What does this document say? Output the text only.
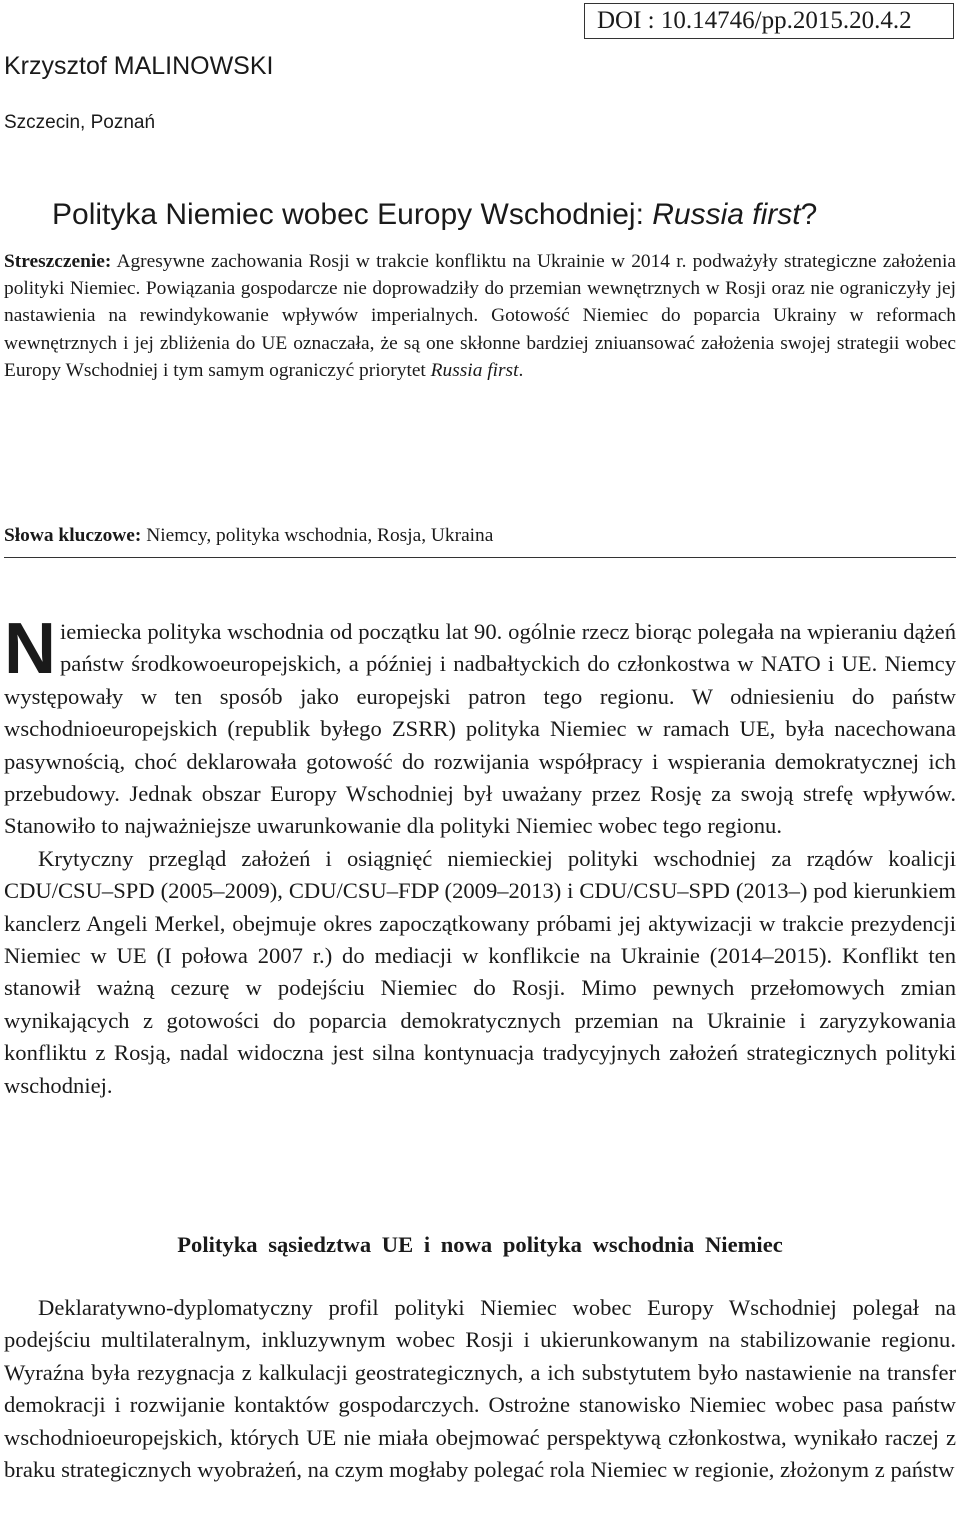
DOI : 10.14746/pp.2015.20.4.2
Krzysztof MALINOWSKI
Szczecin, Poznań
Polityka Niemiec wobec Europy Wschodniej: Russia first?

Streszczenie: Agresywne zachowania Rosji w trakcie konfliktu na Ukrainie w 2014 r. podważyły strategiczne założenia polityki Niemiec. Powiązania gospodarcze nie doprowadziły do przemian wewnętrznych w Rosji oraz nie ograniczyły jej nastawienia na rewindykowanie wpływów imperialnych. Gotowość Niemiec do poparcia Ukrainy w reformach wewnętrznych i jej zbliżenia do UE oznaczała, że są one skłonne bardziej zniuansować założenia swojej strategii wobec Europy Wschodniej i tym samym ograniczyć priorytet Russia first.

Słowa kluczowe: Niemcy, polityka wschodnia, Rosja, Ukraina

Niemiecka polityka wschodnia od początku lat 90. ogólnie rzecz biorąc polegała na wpieraniu dążeń państw środkowoeuropejskich, a później i nadbałtyckich do członkostwa w NATO i UE. Niemcy występowały w ten sposób jako europejski patron tego regionu. W odniesieniu do państw wschodnioeuropejskich (republik byłego ZSRR) polityka Niemiec w ramach UE, była nacechowana pasywnością, choć deklarowała gotowość do rozwijania współpracy i wspierania demokratycznej ich przebudowy. Jednak obszar Europy Wschodniej był uważany przez Rosję za swoją strefę wpływów. Stanowiło to najważniejsze uwarunkowanie dla polityki Niemiec wobec tego regionu.

Krytyczny przegląd założeń i osiągnięć niemieckiej polityki wschodniej za rządów koalicji CDU/CSU–SPD (2005–2009), CDU/CSU–FDP (2009–2013) i CDU/CSU–SPD (2013–) pod kierunkiem kanclerz Angeli Merkel, obejmuje okres zapoczątkowany próbami jej aktywizacji w trakcie prezydencji Niemiec w UE (I połowa 2007 r.) do mediacji w konflikcie na Ukrainie (2014–2015). Konflikt ten stanowił ważną cezurę w podejściu Niemiec do Rosji. Mimo pewnych przełomowych zmian wynikających z gotowości do poparcia demokratycznych przemian na Ukrainie i zaryzykowania konfliktu z Rosją, nadal widoczna jest silna kontynuacja tradycyjnych założeń strategicznych polityki wschodniej.

Polityka sąsiedztwa UE i nowa polityka wschodnia Niemiec

Deklaratywno-dyplomatyczny profil polityki Niemiec wobec Europy Wschodniej polegał na podejściu multilateralnym, inkluzywnym wobec Rosji i ukierunkowanym na stabilizowanie regionu. Wyraźna była rezygnacja z kalkulacji geostrategicznych, a ich substytutem było nastawienie na transfer demokracji i rozwijanie kontaktów gospodarczych. Ostrożne stanowisko Niemiec wobec pasa państw wschodnioeuropejskich, których UE nie miała obejmować perspektywą członkostwa, wynikało raczej z braku strategicznych wyobrażeń, na czym mogłaby polegać rola Niemiec w regionie, złożonym z państw
